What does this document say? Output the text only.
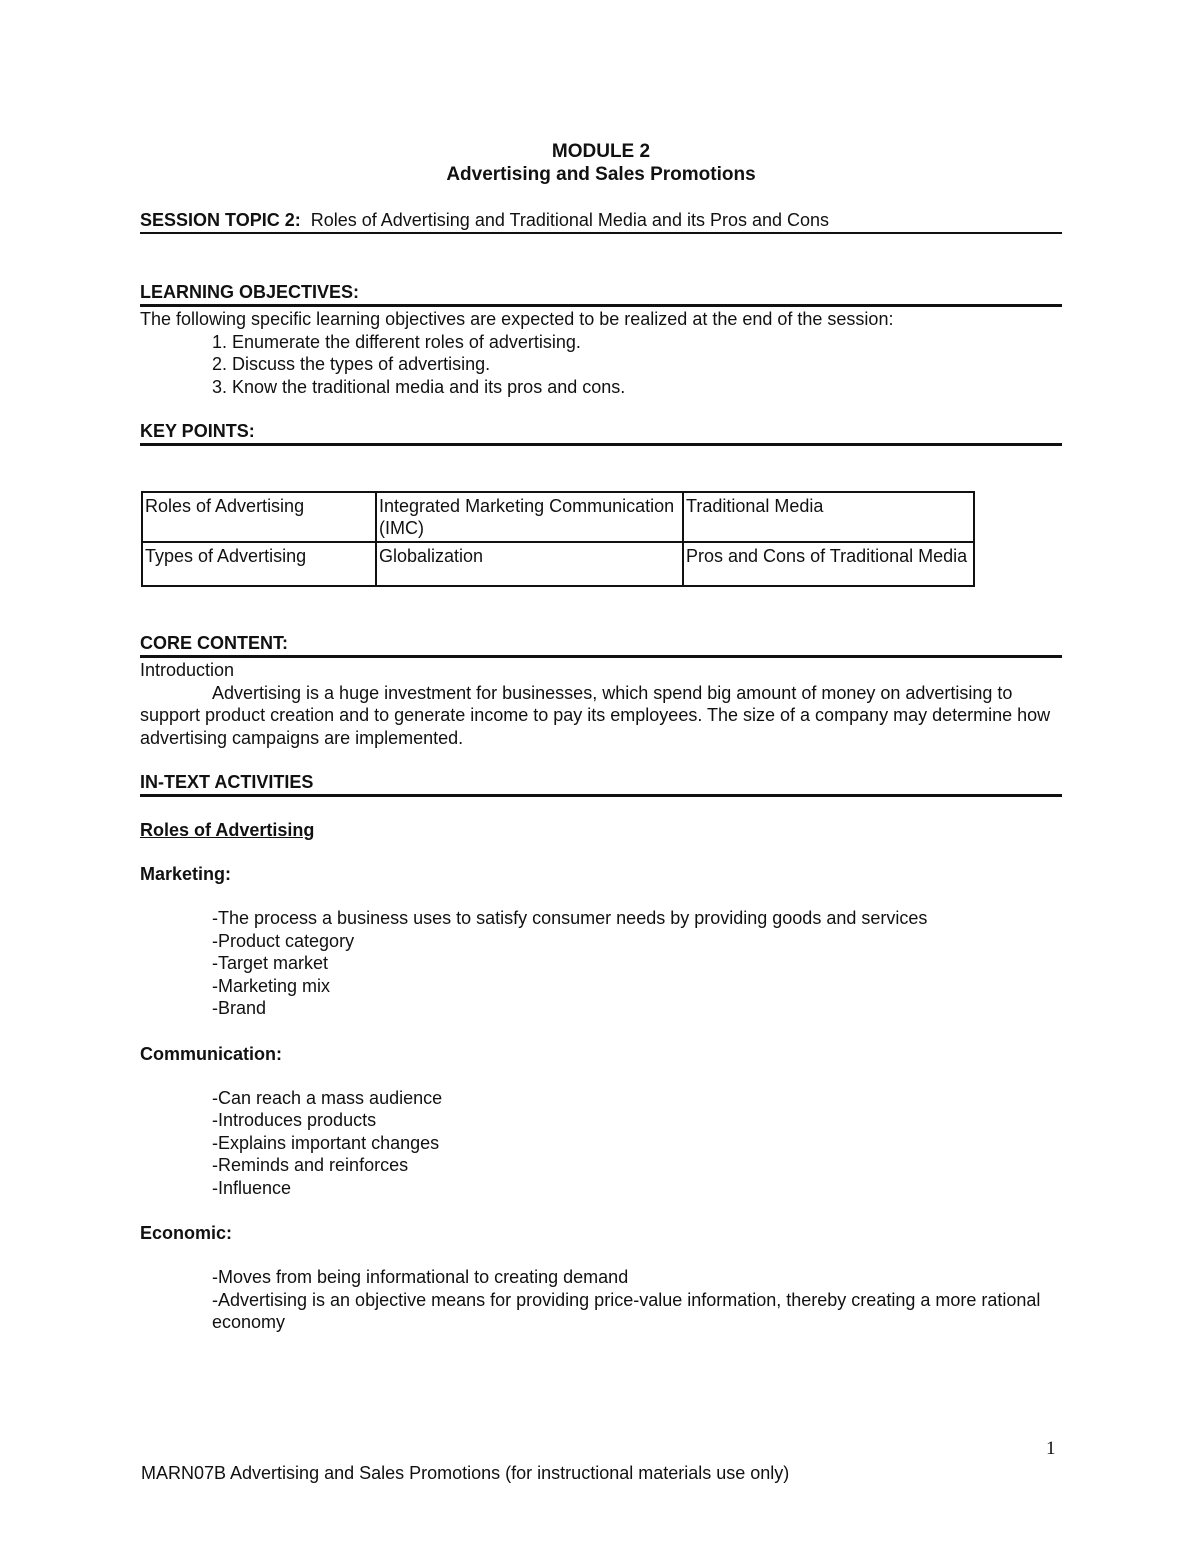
MODULE 2
Advertising and Sales Promotions
SESSION TOPIC 2: Roles of Advertising and Traditional Media and its Pros and Cons
LEARNING OBJECTIVES:
The following specific learning objectives are expected to be realized at the end of the session:
1. Enumerate the different roles of advertising.
2. Discuss the types of advertising.
3. Know the traditional media and its pros and cons.
KEY POINTS:
Roles of Advertising	Integrated Marketing Communication (IMC)	Traditional Media
Types of Advertising	Globalization	Pros and Cons of Traditional Media
CORE CONTENT:
Introduction
Advertising is a huge investment for businesses, which spend big amount of money on advertising to support product creation and to generate income to pay its employees. The size of a company may determine how advertising campaigns are implemented.
IN-TEXT ACTIVITIES
Roles of Advertising
Marketing:
-The process a business uses to satisfy consumer needs by providing goods and services
-Product category
-Target market
-Marketing mix
-Brand
Communication:
-Can reach a mass audience
-Introduces products
-Explains important changes
-Reminds and reinforces
-Influence
Economic:
-Moves from being informational to creating demand
-Advertising is an objective means for providing price-value information, thereby creating a more rational economy
1
MARN07B Advertising and Sales Promotions (for instructional materials use only)
